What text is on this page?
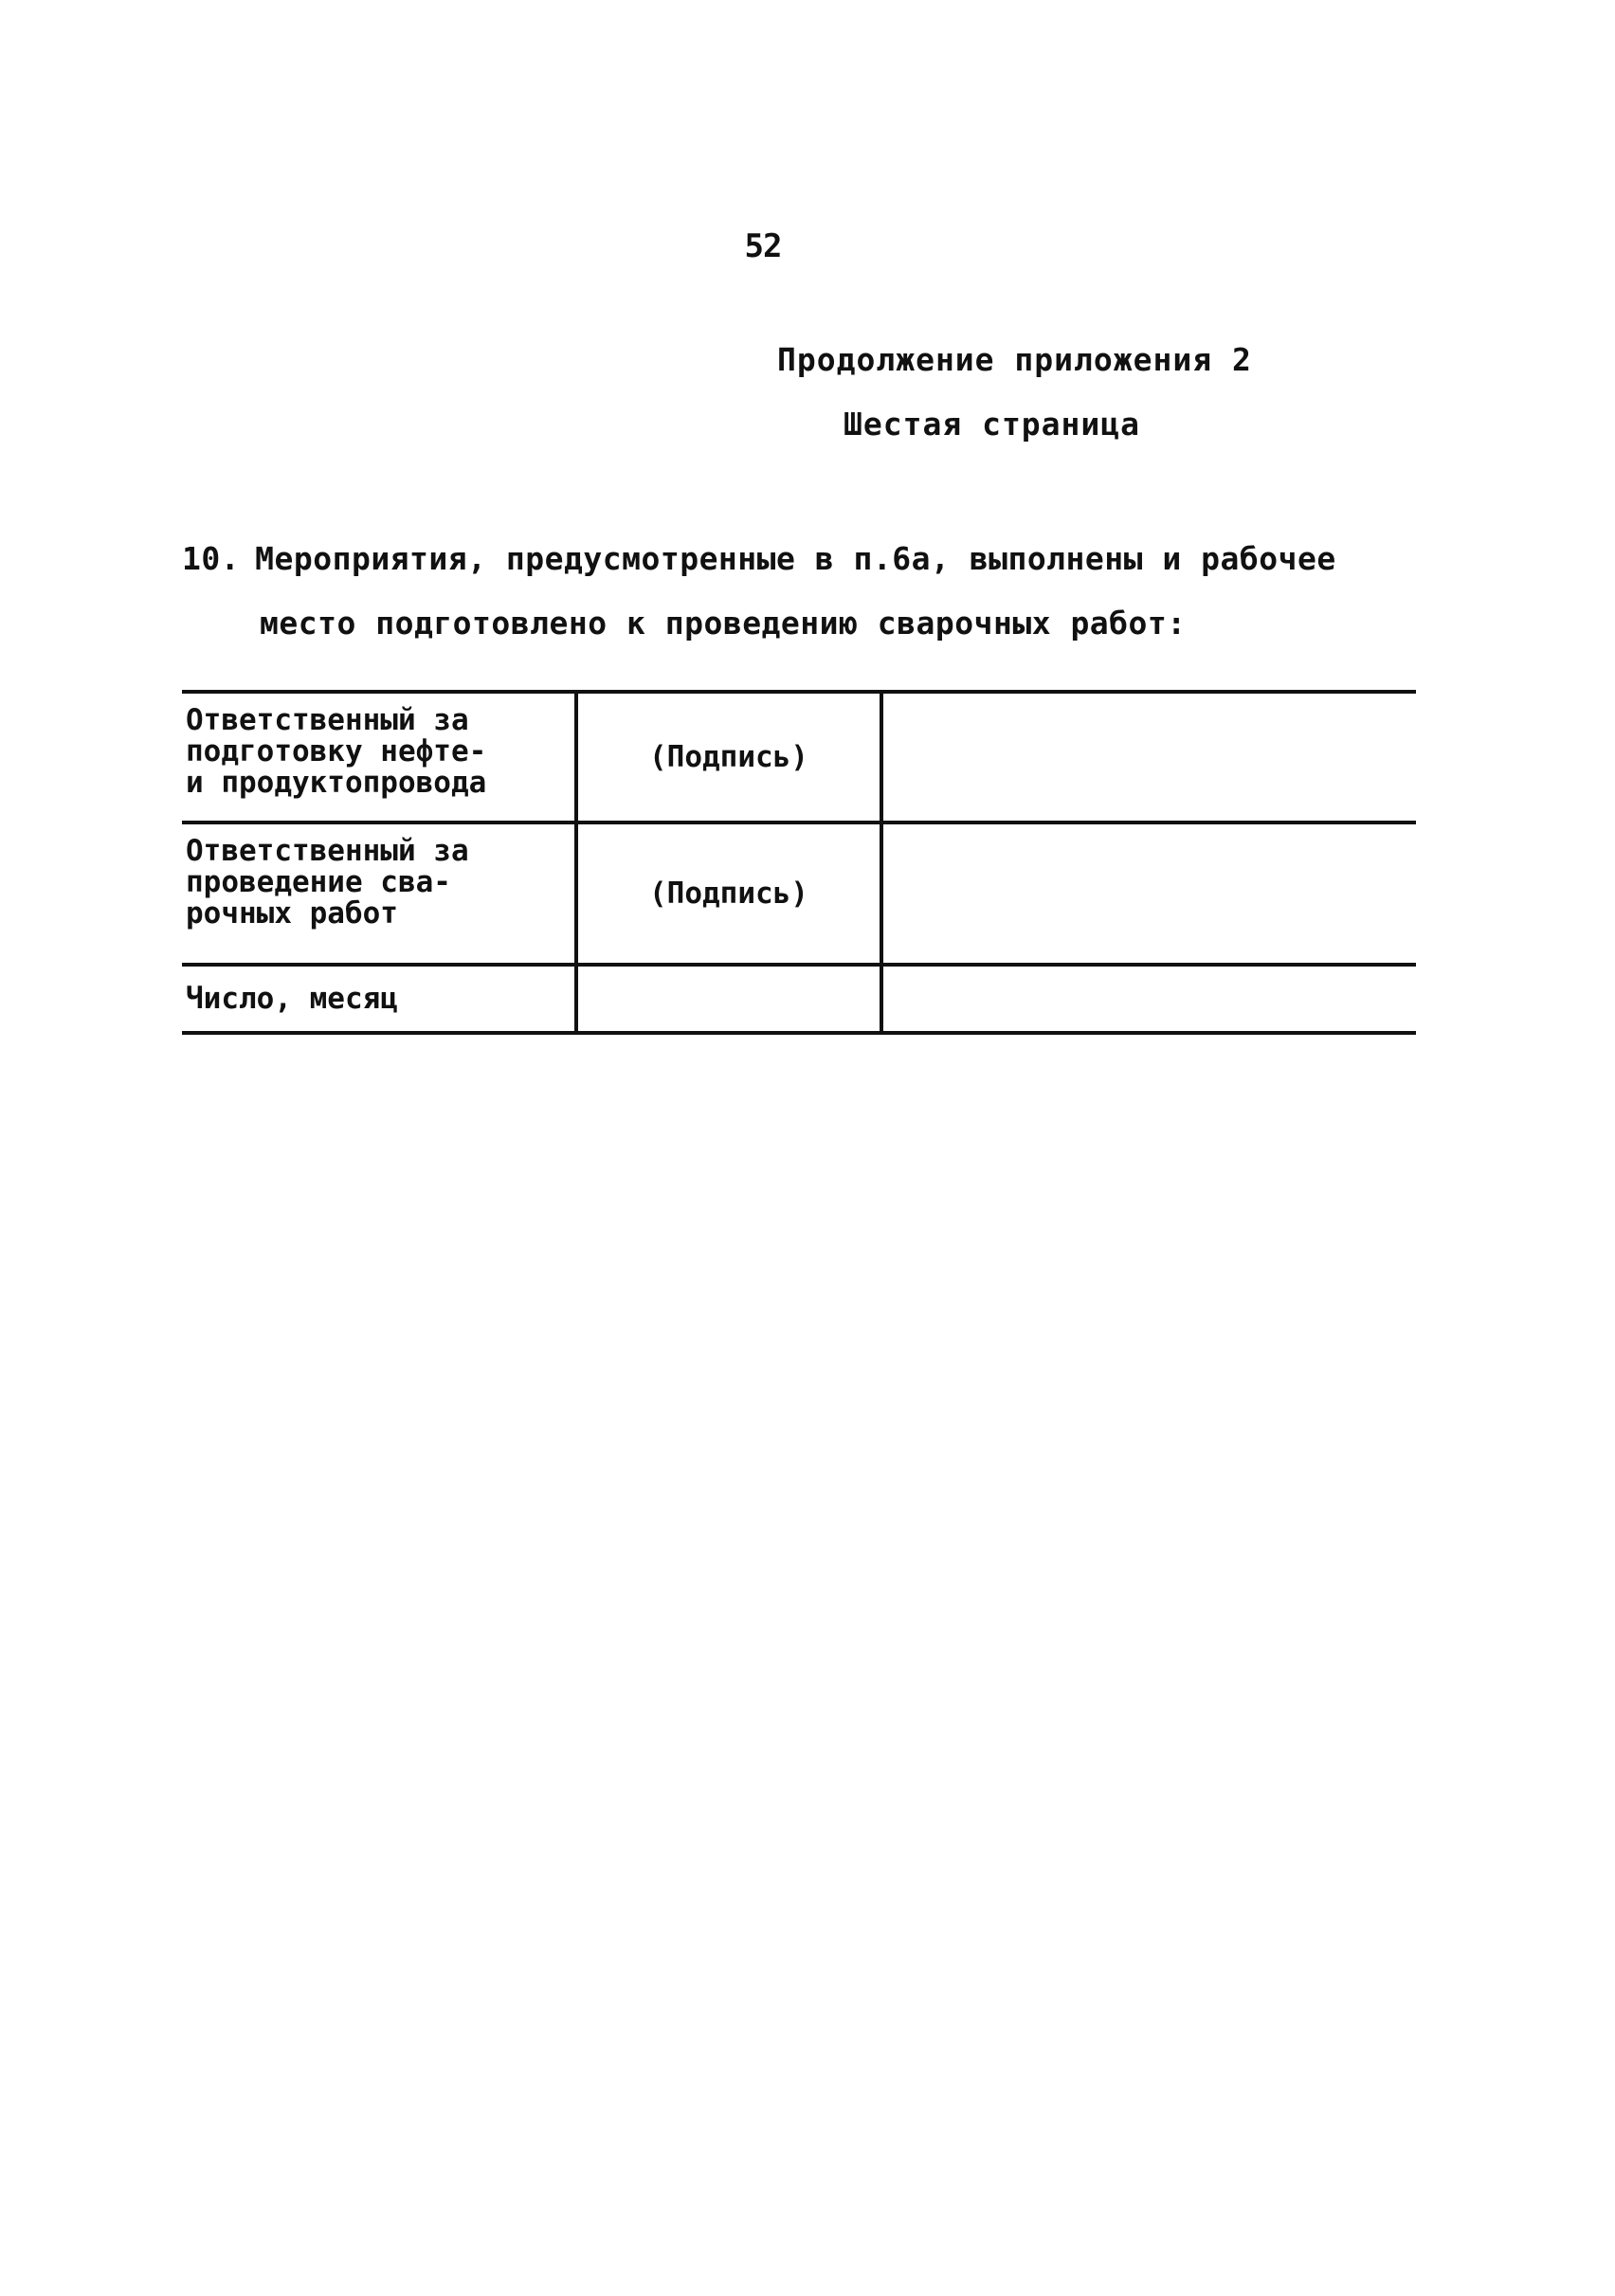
52
Продолжение приложения 2
Шестая страница
10. Мероприятия, предусмотренные в п.6а, выполнены и рабочее
место подготовлено к проведению сварочных работ:
Ответственный за
подготовку нефте-
и продуктопровода	(Подпись)	

Ответственный за
проведение сва-
рочных работ	(Подпись)	

Число, месяц		
